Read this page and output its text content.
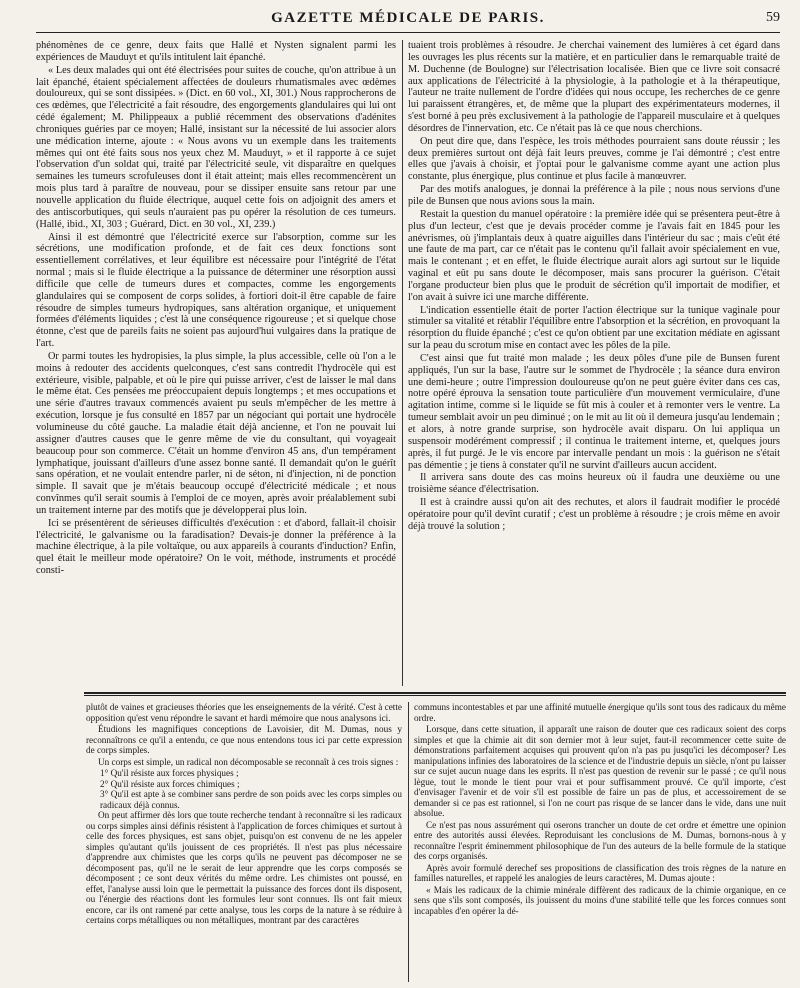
GAZETTE MÉDICALE DE PARIS.	59

phénomènes de ce genre, deux faits que Hallé et Nysten signalent parmi les expériences de Mauduyt et qu'ils intitulent lait épanché.

« Les deux malades qui ont été électrisées pour suites de couche, qu'on attribue à un lait épanché, étaient spécialement affectées de douleurs rhumatismales avec œdèmes douloureux, qui se sont dissipées. » (Dict. en 60 vol., XI, 301.) Nous rapprocherons de ces œdèmes, que l'électricité a fait résoudre, des engorgements glandulaires qui lui ont cédé également; M. Philippeaux a publié récemment des observations d'adénites chroniques guéries par ce moyen; Hallé, insistant sur la nécessité de lui associer alors une médication interne, ajoute : « Nous avons vu un exemple dans les traitements mêmes qui ont été faits sous nos yeux chez M. Mauduyt, » et il rapporte à ce sujet l'observation d'un soldat qui, traité par l'électricité seule, vit disparaître en quelques semaines les tumeurs scrofuleuses dont il était atteint; mais elles recommencèrent un mois plus tard à paraître de nouveau, pour se dissiper ensuite sans retour par une nouvelle application du fluide électrique, auquel cette fois on adjoignit des amers et des antiscorbutiques, qui seuls n'auraient pas pu opérer la résolution de ces tumeurs. (Hallé, ibid., XI, 303 ; Guérard, Dict. en 30 vol., XI, 239.)

Ainsi il est démontré que l'électricité exerce sur l'absorption, comme sur les sécrétions, une modification profonde, et de fait ces deux fonctions sont essentiellement corrélatives, et leur équilibre est nécessaire pour l'intégrité de l'état normal ; mais si le fluide électrique a la puissance de déterminer une résorption aussi difficile que celle de tumeurs dures et compactes, comme les engorgements glandulaires qui se composent de corps solides, à fortiori doit-il être capable de faire résoudre de simples tumeurs hydropiques, sans altération organique, et uniquement formées d'éléments liquides ; c'est là une conséquence rigoureuse ; et si quelque chose étonne, c'est que de pareils faits ne soient pas aujourd'hui vulgaires dans la pratique de l'art.

Or parmi toutes les hydropisies, la plus simple, la plus accessible, celle où l'on a le moins à redouter des accidents quelconques, c'est sans contredit l'hydrocèle qui est extérieure, visible, palpable, et où le pire qui puisse arriver, c'est de laisser le mal dans le même état. Ces pensées me préoccupaient depuis longtemps ; et mes occupations et une série d'autres travaux commencés avaient pu seuls m'empêcher de les mettre à exécution, lorsque je fus consulté en 1857 par un négociant qui portait une hydrocèle volumineuse du côté gauche. La maladie était déjà ancienne, et l'on ne pouvait lui assigner d'autres causes que le genre même de vie du consultant, qui voyageait beaucoup pour son commerce. C'était un homme d'environ 45 ans, d'un tempérament lymphatique, jouissant d'ailleurs d'une assez bonne santé. Il demandait qu'on le guérît sans opération, et ne voulait entendre parler, ni de séton, ni d'injection, ni de ponction simple. Il savait que je m'étais beaucoup occupé d'électricité médicale ; et nous convînmes qu'il serait soumis à l'emploi de ce moyen, après avoir préalablement subi un traitement interne par des motifs que je développerai plus loin.

Ici se présentèrent de sérieuses difficultés d'exécution : et d'abord, fallait-il choisir l'électricité, le galvanisme ou la faradisation? Devais-je donner la préférence à la machine électrique, à la pile voltaïque, ou aux appareils à courants d'induction? Enfin, quel était le meilleur mode opératoire? On le voit, méthode, instruments et procédé consti-

tuaient trois problèmes à résoudre. Je cherchai vainement des lumières à cet égard dans les ouvrages les plus récents sur la matière, et en particulier dans le remarquable traité de M. Duchenne (de Boulogne) sur l'électrisation localisée. Bien que ce livre soit consacré aux applications de l'électricité à la physiologie, à la pathologie et à la thérapeutique, l'auteur ne traite nullement de l'ordre d'idées qui nous occupe, les recherches de ce genre lui paraissent étrangères, et, de même que la plupart des expérimentateurs modernes, il s'est borné à peu près exclusivement à la pathologie de l'appareil musculaire et à quelques désordres de l'innervation, etc. Ce n'était pas là ce que nous cherchions.

On peut dire que, dans l'espèce, les trois méthodes pourraient sans doute réussir ; les deux premières surtout ont déjà fait leurs preuves, comme je l'ai démontré ; c'est entre elles que j'avais à choisir, et j'optai pour le galvanisme comme ayant une action plus constante, plus énergique, plus continue et plus facile à manœuvrer.

Par des motifs analogues, je donnai la préférence à la pile ; nous nous servions d'une pile de Bunsen que nous avions sous la main.

Restait la question du manuel opératoire : la première idée qui se présentera peut-être à plus d'un lecteur, c'est que je devais procéder comme je l'avais fait en 1845 pour les anévrismes, où j'implantais deux à quatre aiguilles dans l'intérieur du sac ; mais c'eût été une faute de ma part, car ce n'était pas le contenu qu'il fallait avoir spécialement en vue, mais le contenant ; et en effet, le fluide électrique aurait alors agi surtout sur le liquide vaginal et eût pu sans doute le décomposer, mais sans procurer la guérison. C'était l'organe producteur bien plus que le produit de sécrétion qu'il importait de modifier, et l'on avait à suivre ici une marche différente.

L'indication essentielle était de porter l'action électrique sur la tunique vaginale pour stimuler sa vitalité et rétablir l'équilibre entre l'absorption et la sécrétion, en provoquant la résorption du fluide épanché ; c'est ce qu'on obtient par une excitation médiate en agissant sur la peau du scrotum mise en contact avec les pôles de la pile.

C'est ainsi que fut traité mon malade ; les deux pôles d'une pile de Bunsen furent appliqués, l'un sur la base, l'autre sur le sommet de l'hydrocèle ; la séance dura environ une demi-heure ; outre l'impression douloureuse qu'on ne peut guère éviter dans ces cas, notre opéré éprouva la sensation toute particulière d'un mouvement vermiculaire, d'une agitation intime, comme si le liquide se fût mis à couler et à remonter vers le ventre. La tumeur semblait avoir un peu diminué ; on le mit au lit où il demeura jusqu'au lendemain ; et alors, à notre grande surprise, son hydrocèle avait disparu. On lui appliqua un suspensoir modérément compressif ; il continua le traitement interne, et, quelques jours après, il fut purgé. Je le vis encore par intervalle pendant un mois : la guérison ne s'était pas démentie ; je tiens à constater qu'il ne survint d'ailleurs aucun accident.

Il arrivera sans doute des cas moins heureux où il faudra une deuxième ou une troisième séance d'électrisation.

Il est à craindre aussi qu'on ait des rechutes, et alors il faudrait modifier le procédé opératoire pour qu'il devînt curatif ; c'est un problème à résoudre ; je crois même en avoir déjà trouvé la solution ;

plutôt de vaines et gracieuses théories que les enseignements de la vérité. C'est à cette opposition qu'est venu répondre le savant et hardi mémoire que nous analysons ici.

Étudions les magnifiques conceptions de Lavoisier, dit M. Dumas, nous y reconnaîtrons ce qu'il a entendu, ce que nous entendons tous ici par cette expression de corps simples.

Un corps est simple, un radical non décomposable se reconnaît à ces trois signes :

1° Qu'il résiste aux forces physiques ;
2° Qu'il résiste aux forces chimiques ;
3° Qu'il est apte à se combiner sans perdre de son poids avec les corps simples ou radicaux déjà connus.

On peut affirmer dès lors que toute recherche tendant à reconnaître si les radicaux ou corps simples ainsi définis résistent à l'application de forces chimiques et surtout à celle des forces physiques, est sans objet, puisqu'on est convenu de ne les appeler simples qu'autant qu'ils jouissent de ces propriétés. Il n'est pas plus nécessaire d'apprendre aux chimistes que les corps qu'ils ne peuvent pas décomposer ne se décomposent pas, qu'il ne le serait de leur apprendre que les corps composés se décomposent ; ce sont deux vérités du même ordre. Les chimistes ont poussé, en effet, l'analyse aussi loin que le permettait la puissance des forces dont ils disposent, ou l'énergie des réactions dont les formules leur sont connues. Ils ont fait mieux encore, car ils ont ramené par cette analyse, tous les corps de la nature à se réduire à certains corps métalliques ou non métalliques, montrant par des caractères

communs incontestables et par une affinité mutuelle énergique qu'ils sont tous des radicaux du même ordre.

Lorsque, dans cette situation, il apparaît une raison de douter que ces radicaux soient des corps simples et que la chimie ait dit son dernier mot à leur sujet, faut-il recommencer cette suite de démonstrations parfaitement acquises qui prouvent qu'on n'a pas pu jusqu'ici les décomposer? Les manipulations infinies des laboratoires de la science et de l'industrie depuis un siècle, n'ont pu laisser sur ce sujet aucun nuage dans les esprits. Il n'est pas question de revenir sur le passé ; ce qu'il nous lègue, tout le monde le tient pour vrai et pour suffisamment prouvé. Ce qu'il importe, c'est d'envisager l'avenir et de voir s'il est possible de faire un pas de plus, et accessoirement de se demander si ce pas est rationnel, si l'on ne court pas risque de se lancer dans le vide, dans une nuit absolue.

Ce n'est pas nous assurément qui oserons trancher un doute de cet ordre et émettre une opinion entre des autorités aussi élevées. Reproduisant les conclusions de M. Dumas, bornons-nous à y reconnaître l'esprit éminemment philosophique de l'un des auteurs de la belle formule de la statique des corps organisés.

Après avoir formulé derechef ses propositions de classification des trois règnes de la nature en familles naturelles, et rappelé les analogies de leurs caractères, M. Dumas ajoute :

« Mais les radicaux de la chimie minérale diffèrent des radicaux de la chimie organique, en ce sens que s'ils sont composés, ils jouissent du moins d'une stabilité telle que les forces connues sont incapables d'en opérer la dé-
